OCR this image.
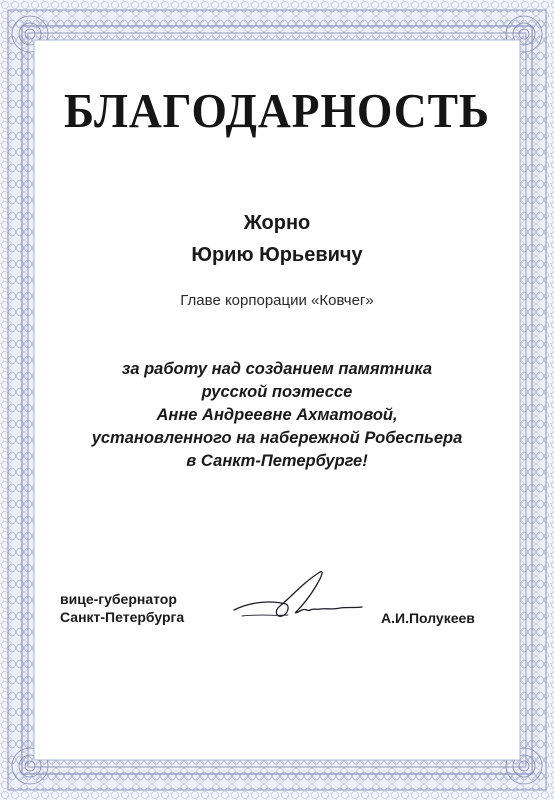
БЛАГОДАРНОСТЬ
Жорно
Юрию Юрьевичу
Главе корпорации «Ковчег»
за работу над созданием памятника
русской поэтессе
Анне Андреевне Ахматовой,
установленного на набережной Робеспьера
в Санкт-Петербурге!
вице-губернатор
Санкт-Петербурга	А.И.Полукеев
